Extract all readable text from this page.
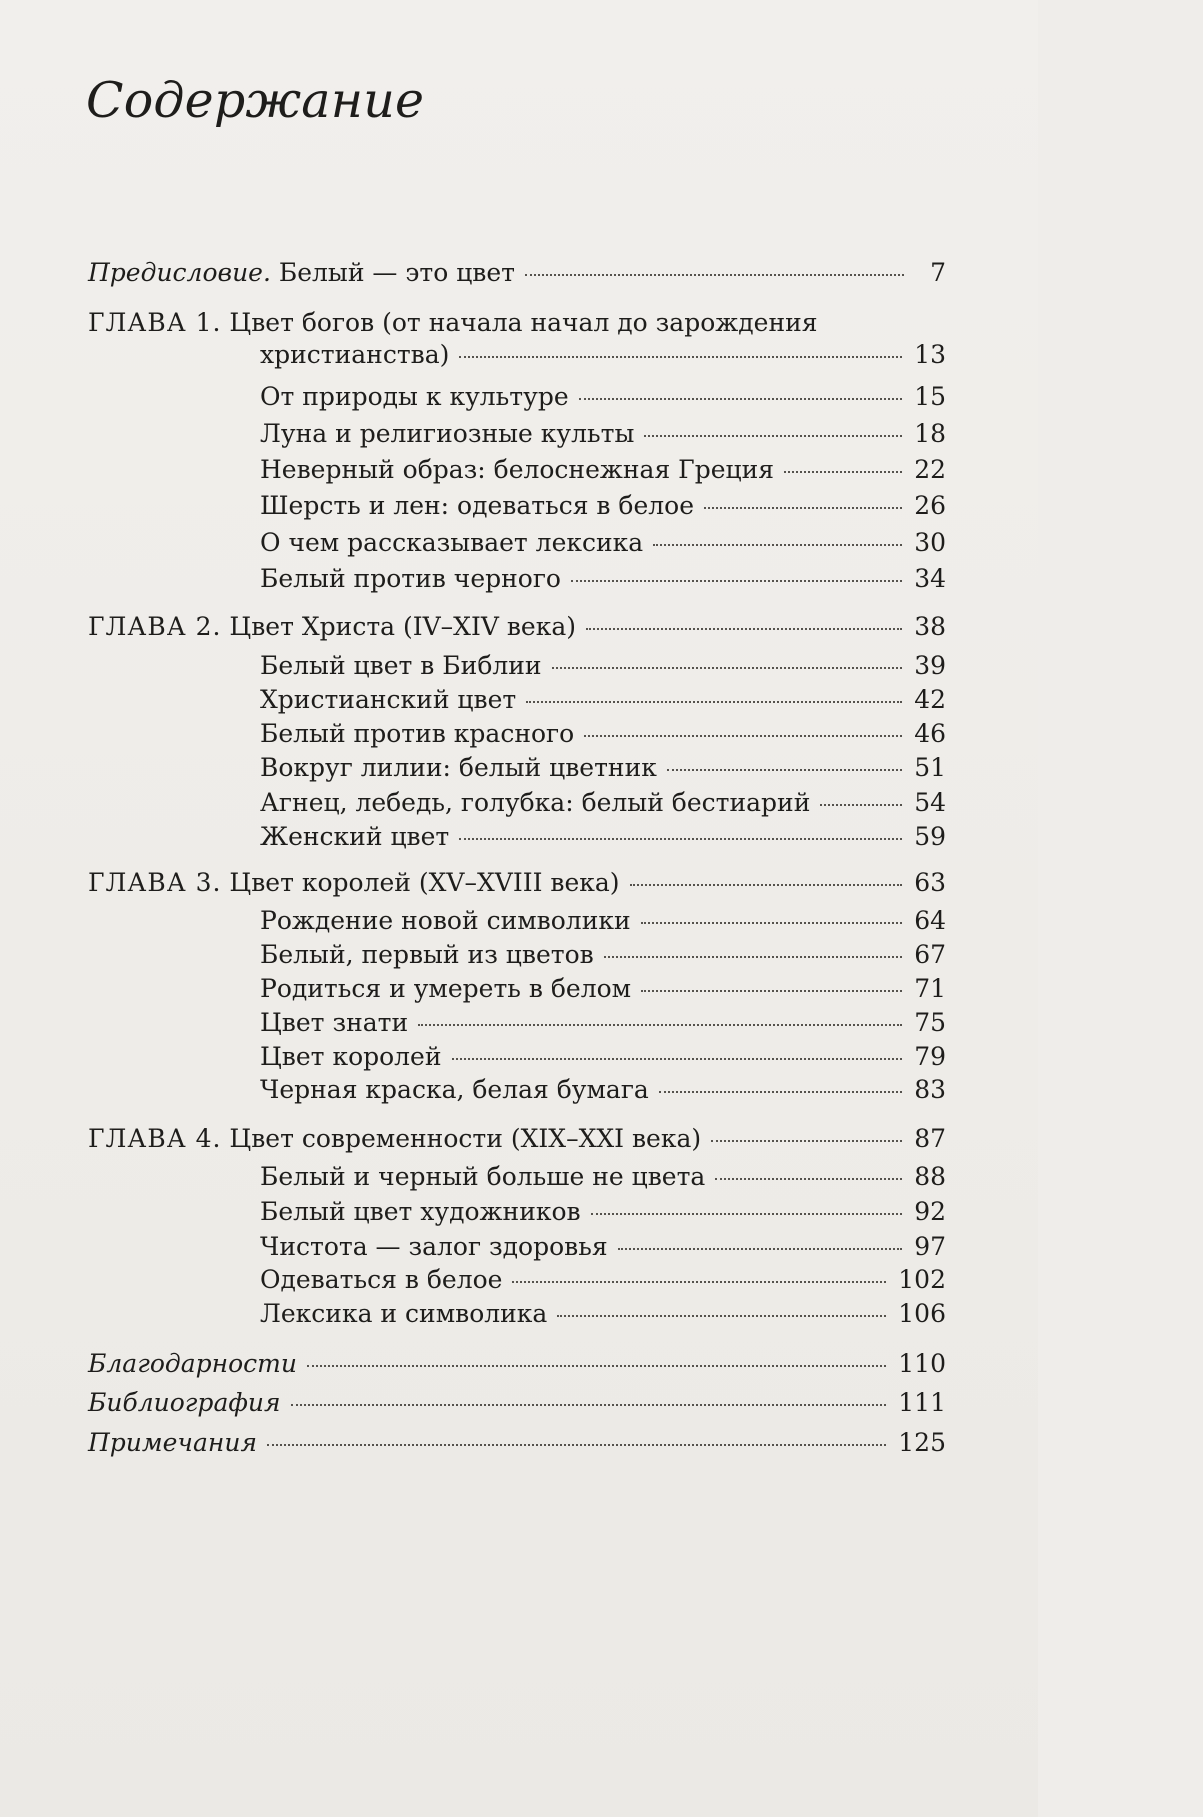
Содержание
Предисловие. Белый — это цвет	7
ГЛАВА 1. Цвет богов (от начала начал до зарождения
христианства)	13
От природы к культуре	15
Луна и религиозные культы	18
Неверный образ: белоснежная Греция	22
Шерсть и лен: одеваться в белое	26
О чем рассказывает лексика	30
Белый против черного	34
ГЛАВА 2. Цвет Христа (IV–XIV века)	38
Белый цвет в Библии	39
Христианский цвет	42
Белый против красного	46
Вокруг лилии: белый цветник	51
Агнец, лебедь, голубка: белый бестиарий	54
Женский цвет	59
ГЛАВА 3. Цвет королей (XV–XVIII века)	63
Рождение новой символики	64
Белый, первый из цветов	67
Родиться и умереть в белом	71
Цвет знати	75
Цвет королей	79
Черная краска, белая бумага	83
ГЛАВА 4. Цвет современности (XIX–XXI века)	87
Белый и черный больше не цвета	88
Белый цвет художников	92
Чистота — залог здоровья	97
Одеваться в белое	102
Лексика и символика	106
Благодарности	110
Библиография	111
Примечания	125
